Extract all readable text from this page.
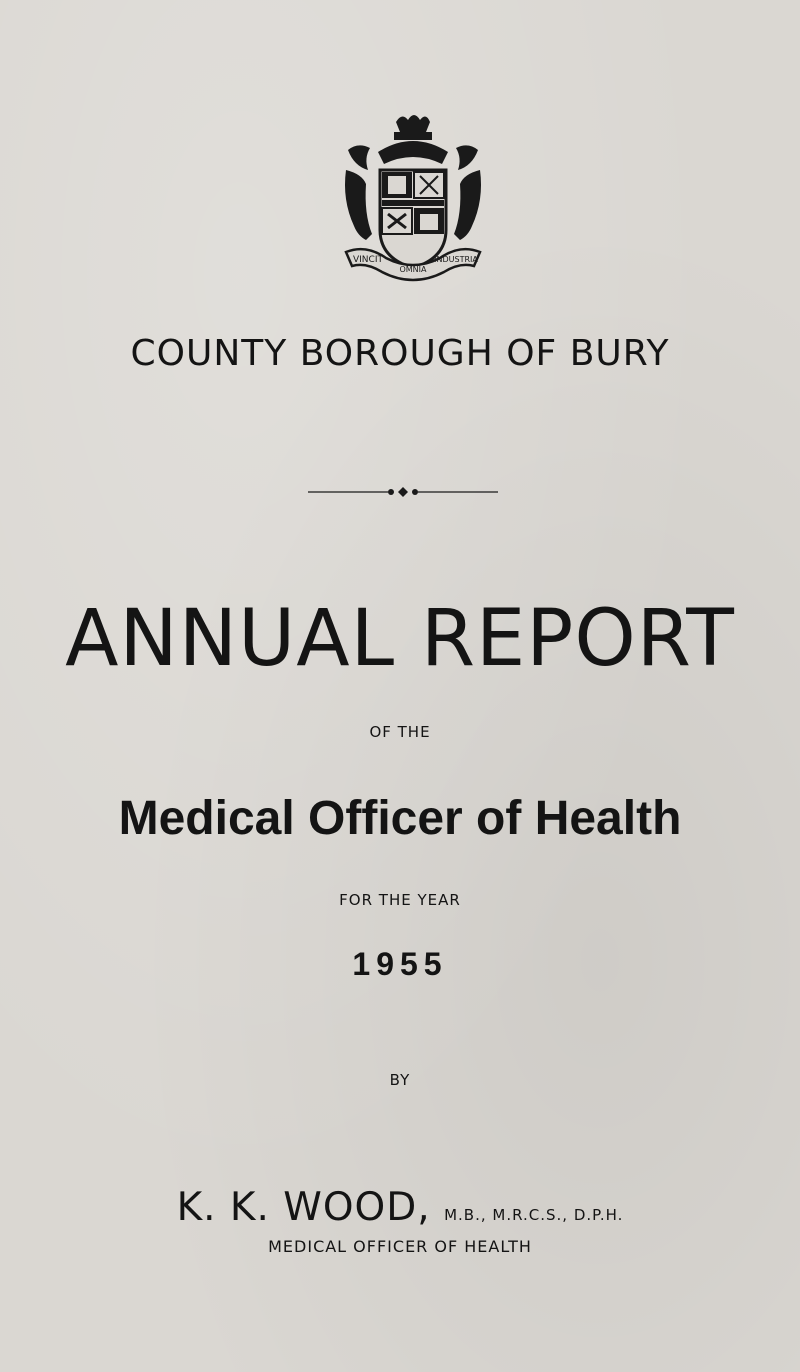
VINCIT
OMNIA
INDUSTRIA
COUNTY BOROUGH OF BURY
ANNUAL REPORT
OF THE
Medical Officer of Health
FOR THE YEAR
1955
BY
K. K. WOOD, M.B., M.R.C.S., D.P.H.
MEDICAL OFFICER OF HEALTH
